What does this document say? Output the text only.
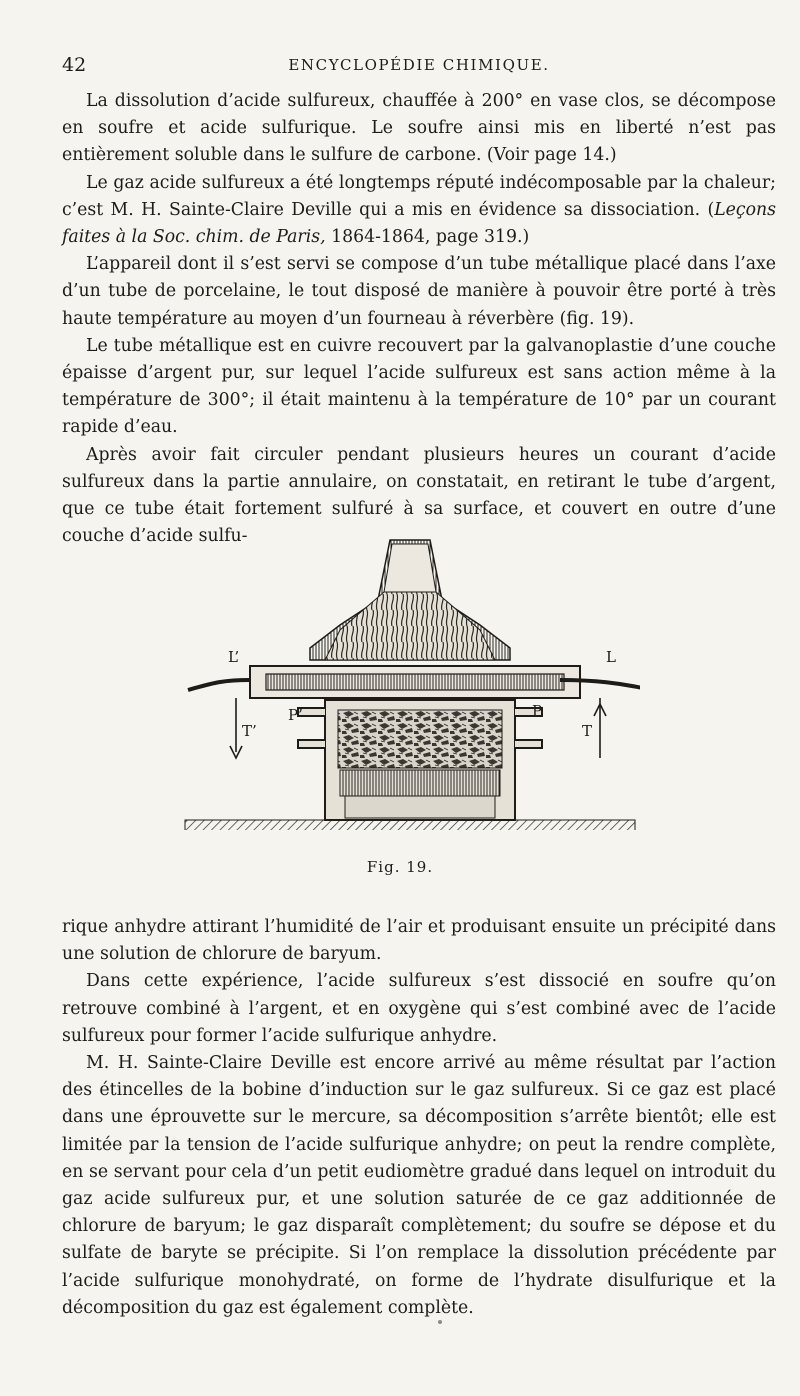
42	ENCYCLOPÉDIE CHIMIQUE.

La dissolution d’acide sulfureux, chauffée à 200° en vase clos, se décompose en soufre et acide sulfurique. Le soufre ainsi mis en liberté n’est pas entièrement soluble dans le sulfure de carbone. (Voir page 14.)

Le gaz acide sulfureux a été longtemps réputé indécomposable par la chaleur; c’est M. H. Sainte-Claire Deville qui a mis en évidence sa dissociation. (Leçons faites à la Soc. chim. de Paris, 1864-1864, page 319.)

L’appareil dont il s’est servi se compose d’un tube métallique placé dans l’axe d’un tube de porcelaine, le tout disposé de manière à pouvoir être porté à très haute température au moyen d’un fourneau à réverbère (fig. 19).

Le tube métallique est en cuivre recouvert par la galvanoplastie d’une couche épaisse d’argent pur, sur lequel l’acide sulfureux est sans action même à la température de 300°; il était maintenu à la température de 10° par un courant rapide d’eau.

Après avoir fait circuler pendant plusieurs heures un courant d’acide sulfureux dans la partie annulaire, on constatait, en retirant le tube d’argent, que ce tube était fortement sulfuré à sa surface, et couvert en outre d’une couche d’acide sulfu-

L’	L
P’	P
T’	T
Fig. 19.

rique anhydre attirant l’humidité de l’air et produisant ensuite un précipité dans une solution de chlorure de baryum.

Dans cette expérience, l’acide sulfureux s’est dissocié en soufre qu’on retrouve combiné à l’argent, et en oxygène qui s’est combiné avec de l’acide sulfureux pour former l’acide sulfurique anhydre.

M. H. Sainte-Claire Deville est encore arrivé au même résultat par l’action des étincelles de la bobine d’induction sur le gaz sulfureux. Si ce gaz est placé dans une éprouvette sur le mercure, sa décomposition s’arrête bientôt; elle est limitée par la tension de l’acide sulfurique anhydre; on peut la rendre complète, en se servant pour cela d’un petit eudiomètre gradué dans lequel on introduit du gaz acide sulfureux pur, et une solution saturée de ce gaz additionnée de chlorure de baryum; le gaz disparaît complètement; du soufre se dépose et du sulfate de baryte se précipite. Si l’on remplace la dissolution précédente par l’acide sulfurique monohydraté, on forme de l’hydrate disulfurique et la décomposition du gaz est également complète.
